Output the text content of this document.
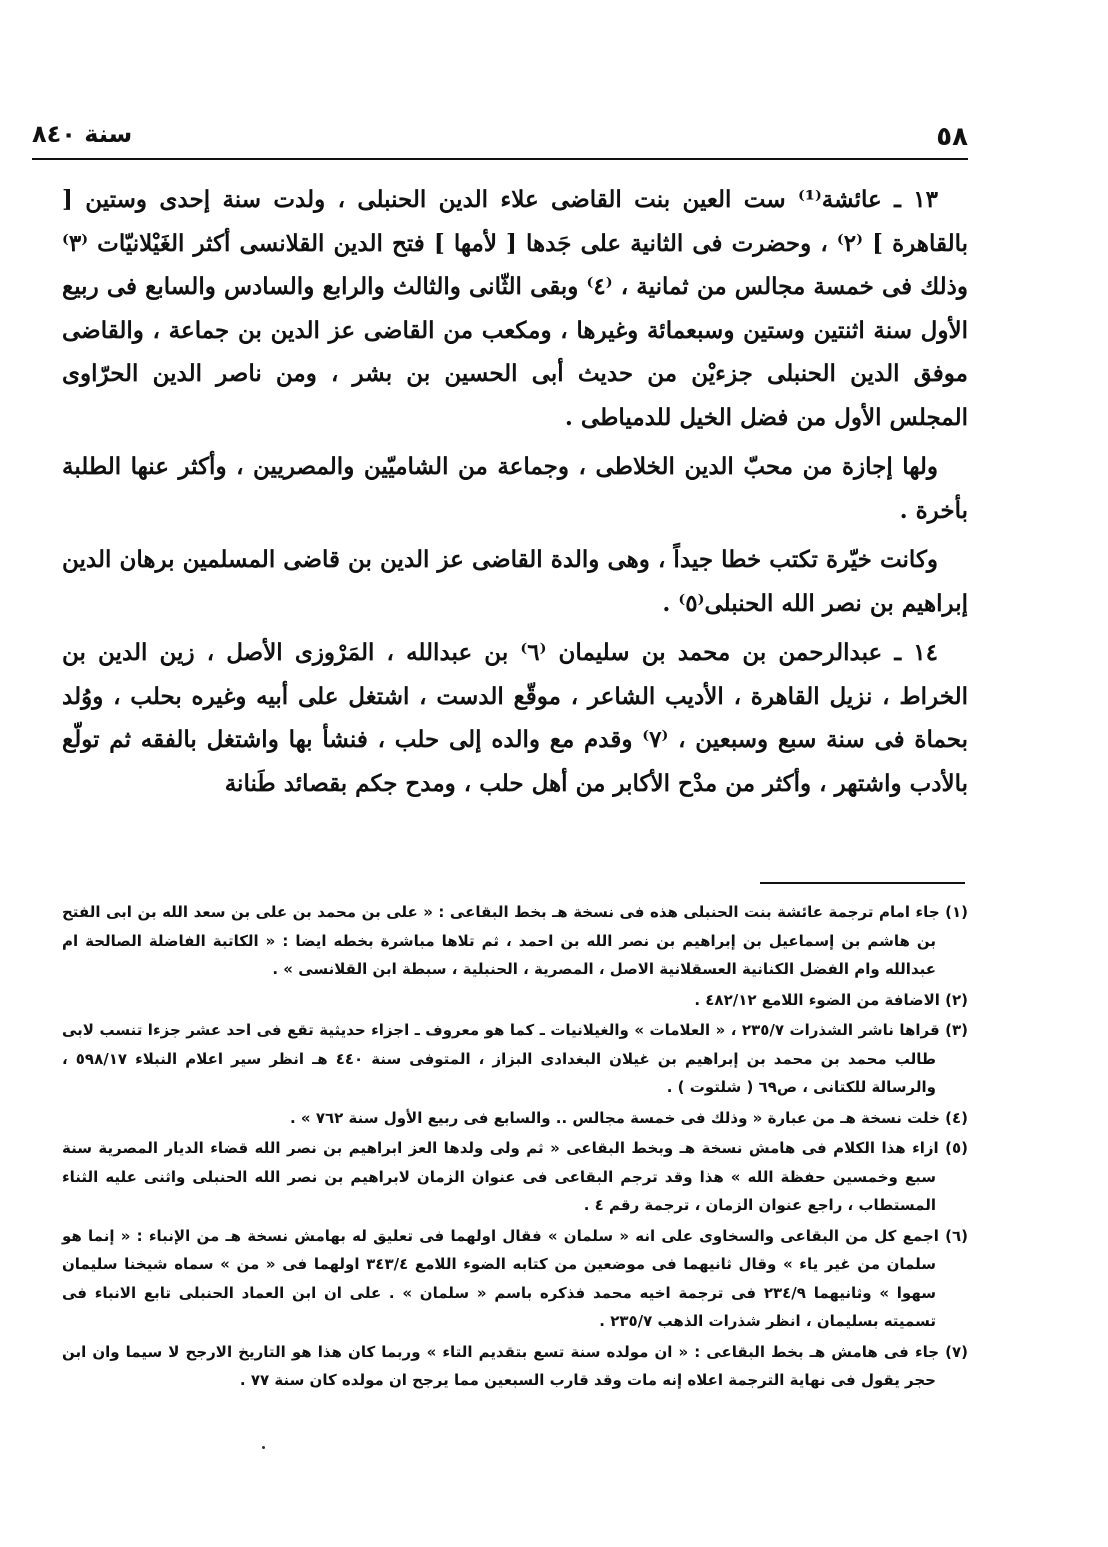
٥٨
سنة ٨٤٠

١٣ ـ عائشة⁽¹⁾ ست العين بنت القاضى علاء الدين الحنبلى ، ولدت سنة إحدى وستين [ بالقاهرة ] ⁽٢⁾ ، وحضرت فى الثانية على جَدها [ لأمها ] فتح الدين القلانسى أكثر الغَيْلانيّات ⁽٣⁾ وذلك فى خمسة مجالس من ثمانية ، ⁽٤⁾ وبقى الثّانى والثالث والرابع والسادس والسابع فى ربيع الأول سنة اثنتين وستين وسبعمائة وغيرها ، ومكعب من القاضى عز الدين بن جماعة ، والقاضى موفق الدين الحنبلى جزءيْن من حديث أبى الحسين بن بشر ، ومن ناصر الدين الحرّاوى المجلس الأول من فضل الخيل للدمياطى .

ولها إجازة من محبّ الدين الخلاطى ، وجماعة من الشاميّين والمصريين ، وأكثر عنها الطلبة بأخرة .

وكانت خيّرة تكتب خطا جيداً ، وهى والدة القاضى عز الدين بن قاضى المسلمين برهان الدين إبراهيم بن نصر الله الحنبلى⁽٥⁾ .

١٤ ـ عبدالرحمن بن محمد بن سليمان ⁽٦⁾ بن عبدالله ، المَرْوزى الأصل ، زين الدين بن الخراط ، نزيل القاهرة ، الأديب الشاعر ، موقّع الدست ، اشتغل على أبيه وغيره بحلب ، ووُلد بحماة فى سنة سبع وسبعين ، ⁽٧⁾ وقدم مع والده إلى حلب ، فنشأ بها واشتغل بالفقه ثم تولّع بالأدب واشتهر ، وأكثر من مدْح الأكابر من أهل حلب ، ومدح جكم بقصائد طَنانة

(١) جاء امام ترجمة عائشة بنت الحنبلى هذه فى نسخة هـ بخط البقاعى : « على بن محمد بن على بن سعد الله بن ابى الفتح بن هاشم بن إسماعيل بن إبراهيم بن نصر الله بن احمد ، ثم تلاها مباشرة بخطه ايضا : « الكاتبة الفاضلة الصالحة ام عبدالله وام الفضل الكنانية العسقلانية الاصل ، المصرية ، الحنبلية ، سبطة ابن القلانسى » .

(٢) الاضافة من الضوء اللامع ٤٨٢/١٢ .

(٣) قراها ناشر الشذرات ٢٣٥/٧ ، « العلامات » والغيلانيات ـ كما هو معروف ـ اجزاء حديثية تقع فى احد عشر جزءا تنسب لابى طالب محمد بن محمد بن إبراهيم بن غيلان البغدادى البزاز ، المتوفى سنة ٤٤٠ هـ انظر سير اعلام النبلاء ٥٩٨/١٧ ، والرسالة للكتانى ، ص٦٩ ( شلتوت ) .

(٤) خلت نسخة هـ من عبارة « وذلك فى خمسة مجالس .. والسابع فى ربيع الأول سنة ٧٦٢ » .

(٥) ازاء هذا الكلام فى هامش نسخة هـ وبخط البقاعى « ثم ولى ولدها العز ابراهيم بن نصر الله قضاء الديار المصرية سنة سبع وخمسين حفظة الله » هذا وقد ترجم البقاعى فى عنوان الزمان لابراهيم بن نصر الله الحنبلى واثنى عليه الثناء المستطاب ، راجع عنوان الزمان ، ترجمة رقم ٤ .

(٦) اجمع كل من البقاعى والسخاوى على انه « سلمان » فقال اولهما فى تعليق له بهامش نسخة هـ من الإنباء : « إنما هو سلمان من غير ياء » وقال ثانيهما فى موضعين من كتابه الضوء اللامع ٣٤٣/٤ اولهما فى « من » سماه شيخنا سليمان سهوا » وثانيهما ٢٣٤/٩ فى ترجمة اخيه محمد فذكره باسم « سلمان » . على ان ابن العماد الحنبلى تابع الانباء فى تسميته بسليمان ، انظر شذرات الذهب ٢٣٥/٧ .

(٧) جاء فى هامش هـ بخط البقاعى : « ان مولده سنة تسع بتقديم التاء » وربما كان هذا هو التاريخ الارجح لا سيما وان ابن حجر يقول فى نهاية الترجمة اعلاه إنه مات وقد قارب السبعين مما يرجح ان مولده كان سنة ٧٧ .
